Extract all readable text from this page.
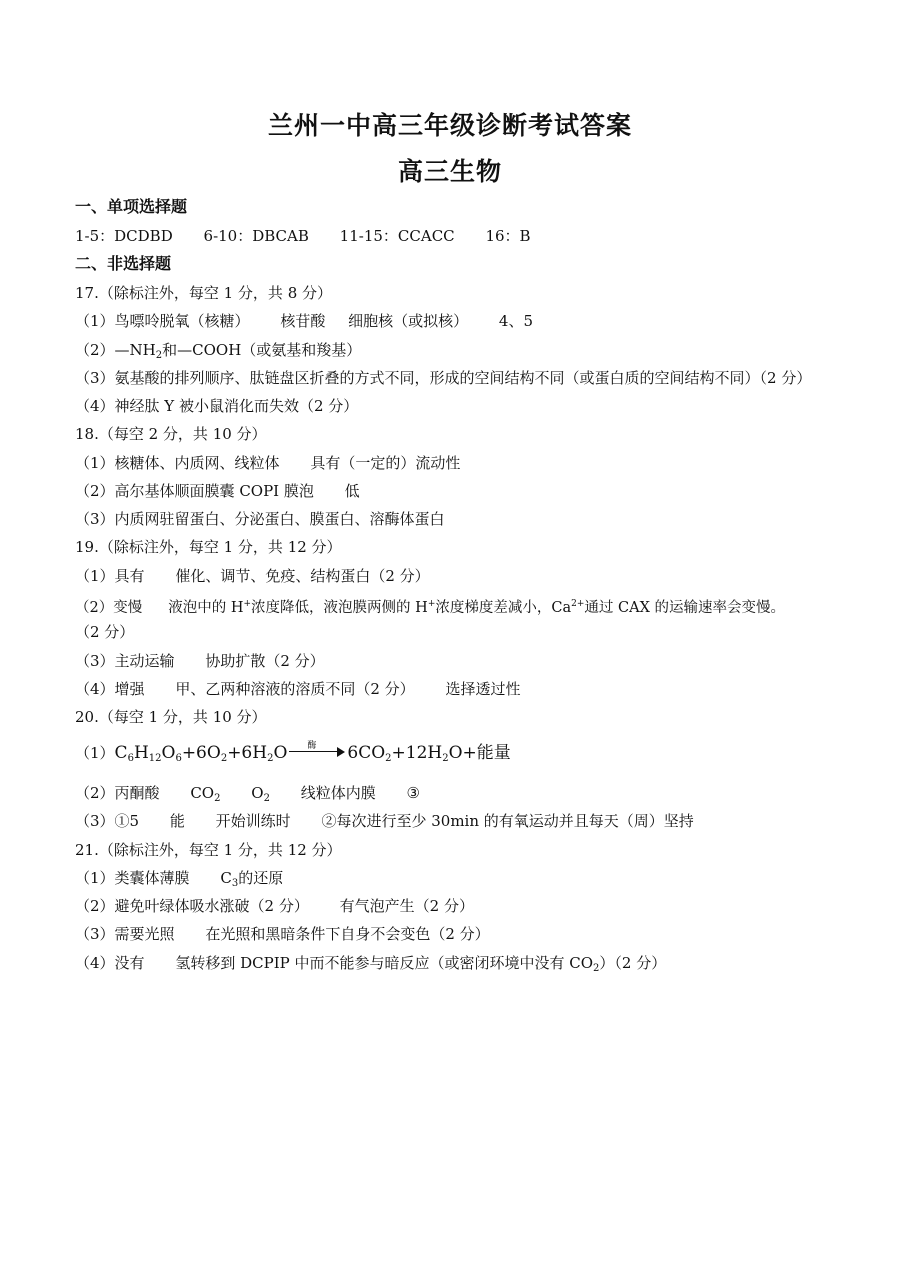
兰州一中高三年级诊断考试答案
高三生物
一、单项选择题
1-5：DCDBD 6-10：DBCAB 11-15：CCACC 16：B
二、非选择题
17.（除标注外，每空 1 分，共 8 分）
（1）鸟嘌呤脱氧（核糖） 核苷酸 细胞核（或拟核） 4、5
$(2)—NH_2$和—COOH（或氨基和羧基）
（3）氨基酸的排列顺序、肽链盘区折叠的方式不同，形成的空间结构不同（或蛋白质的空间结构不同）（2 分）
（4）神经肽 Y 被小鼠消化而失效（2 分）
18.（每空 2 分，共 10 分）
（1）核糖体、内质网、线粒体 具有（一定的）流动性
（2）高尔基体顺面膜囊 COPI 膜泡 低
（3）内质网驻留蛋白、分泌蛋白、膜蛋白、溶酶体蛋白
19.（除标注外，每空 1 分，共 12 分）
（1）具有 催化、调节、免疫、结构蛋白（2 分）
（2）变慢 液泡中的 H+浓度降低，液泡膜两侧的 H+浓度梯度差减小，$Ca^{2+}$通过 CAX 的运输速率会变慢。
（2 分）
（3）主动运输 协助扩散（2 分）
（4）增强 甲、乙两种溶液的溶质不同（2 分） 选择透过性
20.（每空 1 分，共 10 分）
$(1)C_6H_{12}O_6+6O_2+6H_2O$ 酶 $6CO_2+12H_2O+$能量
（2）丙酮酸 $CO_2$ $O_2$ 线粒体内膜 ③
（3）①5 能 开始训练时 ②每次进行至少 30min 的有氧运动并且每天（周）坚持
21.（除标注外，每空 1 分，共 12 分）
（1）类囊体薄膜 $C_3$的还原
（2）避免叶绿体吸水涨破（2 分） 有气泡产生（2 分）
（3）需要光照 在光照和黑暗条件下自身不会变色（2 分）
（4）没有 氢转移到 DCPIP 中而不能参与暗反应（或密闭环境中没有 $CO_2)(2$ 分）
